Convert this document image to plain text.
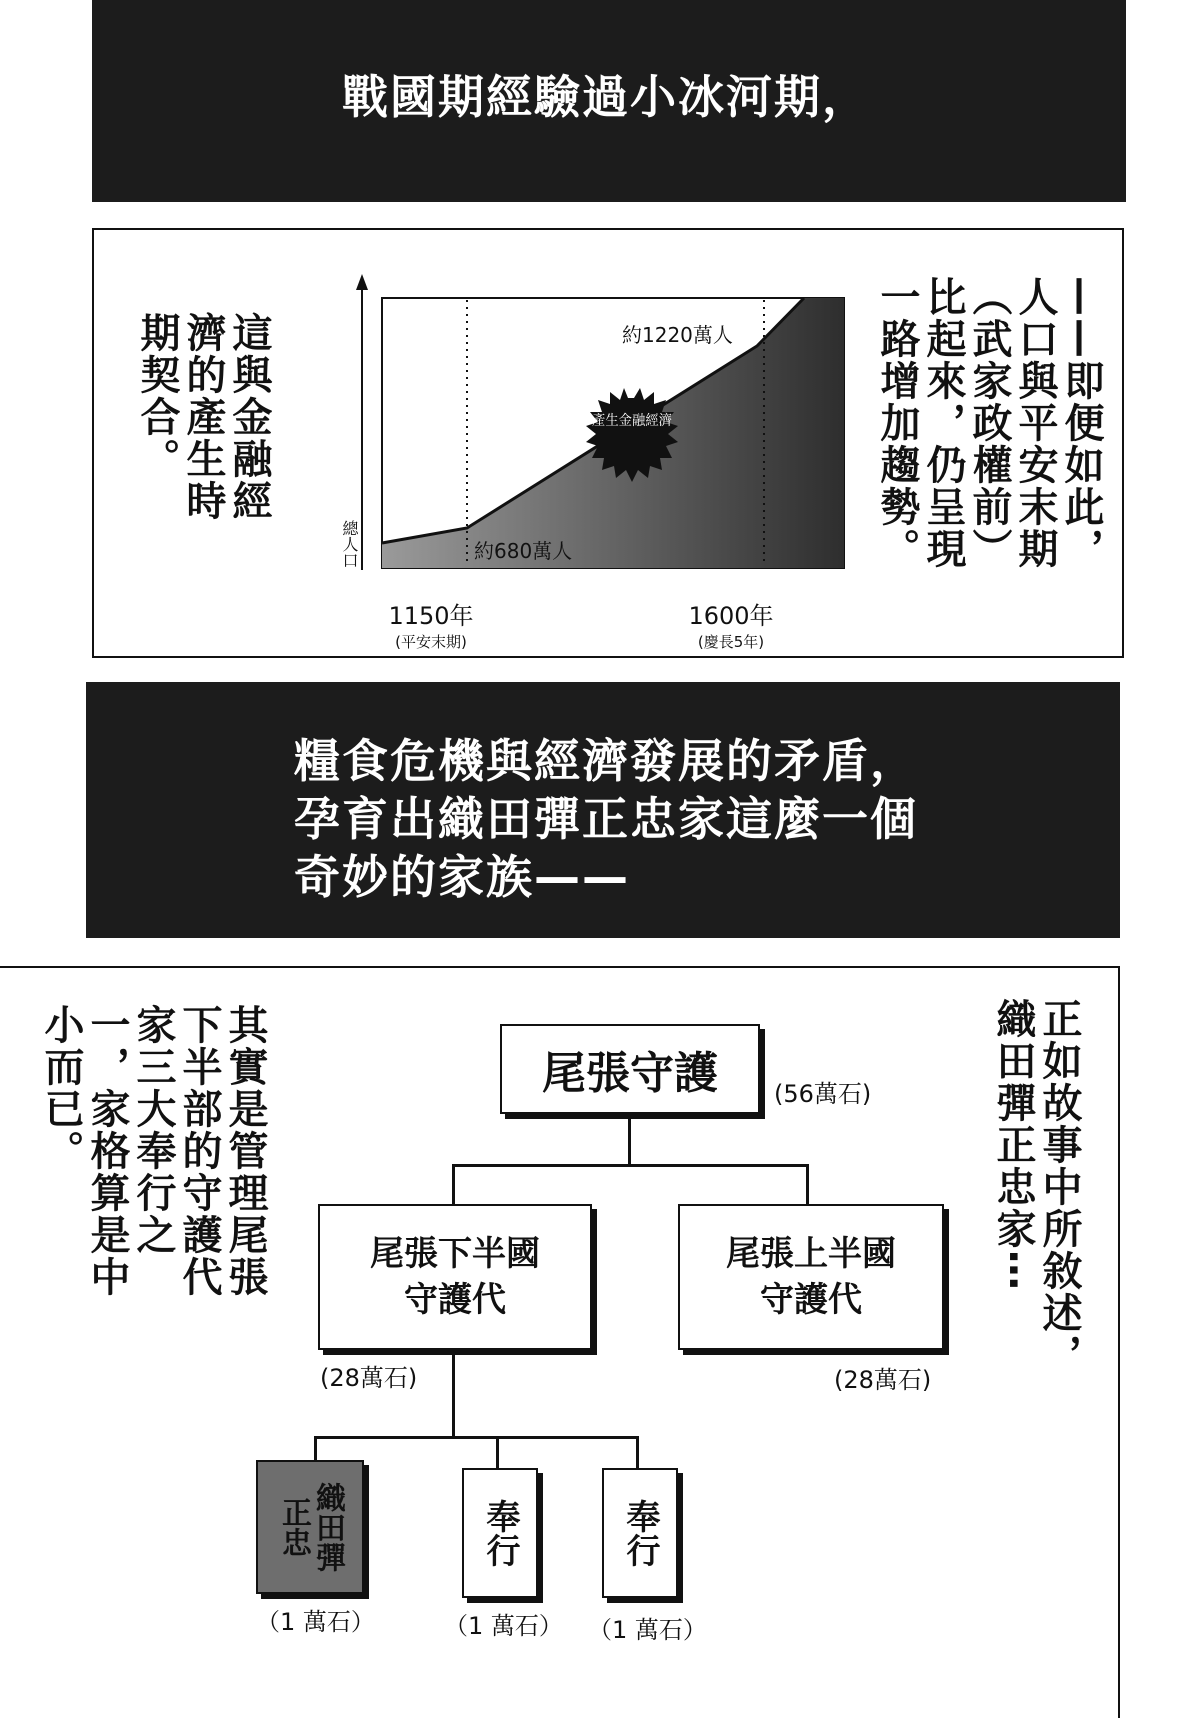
戰國期經驗過小冰河期，
這與金融經濟的產生時期契合。	——即便如此，人口與平安末期（武家政權前）比起來，仍呈現一路增加趨勢。
產生金融經濟
約1220萬人
約680萬人
總人口
1150年
(平安末期)
1600年
(慶長5年)
糧食危機與經濟發展的矛盾，
孕育出織田彈正忠家這麼一個
奇妙的家族——
正如故事中所敘述，織田彈正忠家⋯
其實是管理尾張下半部的守護代家三大奉行之一，家格算是中小而已。	尾張守護 (56萬石)
尾張下半國
守護代
(28萬石)
尾張上半國
守護代
(28萬石)
織田彈正忠
（1 萬石）
奉行
（1 萬石）
奉行
（1 萬石）
